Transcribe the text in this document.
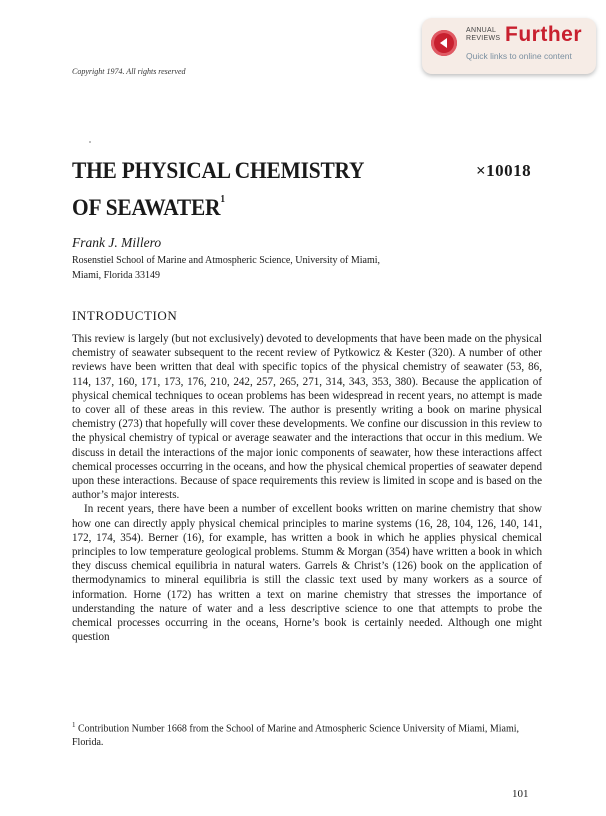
ANNUAL
REVIEWS Further
Quick links to online content
Copyright 1974. All rights reserved
THE PHYSICAL CHEMISTRY
OF $SEAWATER^1$
×10018
Frank J. Millero
Rosenstiel School of Marine and Atmospheric Science, University of Miami,
Miami, Florida 33149
INTRODUCTION

This review is largely (but not exclusively) devoted to developments that have been made on the physical chemistry of seawater subsequent to the recent review of Pytkowicz & Kester (320). A number of other reviews have been written that deal with specific topics of the physical chemistry of seawater (53, 86, 114, 137, 160, 171, 173, 176, 210, 242, 257, 265, 271, 314, 343, 353, 380). Because the application of physical chemical techniques to ocean problems has been widespread in recent years, no attempt is made to cover all of these areas in this review. The author is presently writing a book on marine physical chemistry (273) that hopefully will cover these developments. We confine our discussion in this review to the physical chemistry of typical or average seawater and the interactions that occur in this medium. We discuss in detail the interactions of the major ionic components of seawater, how these interactions affect chemical processes occurring in the oceans, and how the physical chemical properties of seawater depend upon these interactions. Because of space requirements this review is limited in scope and is based on the author’s major interests.

In recent years, there have been a number of excellent books written on marine chemistry that show how one can directly apply physical chemical principles to marine systems (16, 28, 104, 126, 140, 141, 172, 174, 354). Berner (16), for example, has written a book in which he applies physical chemical principles to low temperature geological problems. Stumm & Morgan (354) have written a book in which they discuss chemical equilibria in natural waters. Garrels & Christ’s (126) book on the application of thermodynamics to mineral equilibria is still the classic text used by many workers as a source of information. Horne (172) has written a text on marine chemistry that stresses the importance of understanding the nature of water and a less descriptive science to one that attempts to probe the chemical processes occurring in the oceans, Horne’s book is certainly needed. Although one might question

$^1$ Contribution Number 1668 from the School of Marine and Atmospheric Science University of Miami, Miami, Florida.

101
